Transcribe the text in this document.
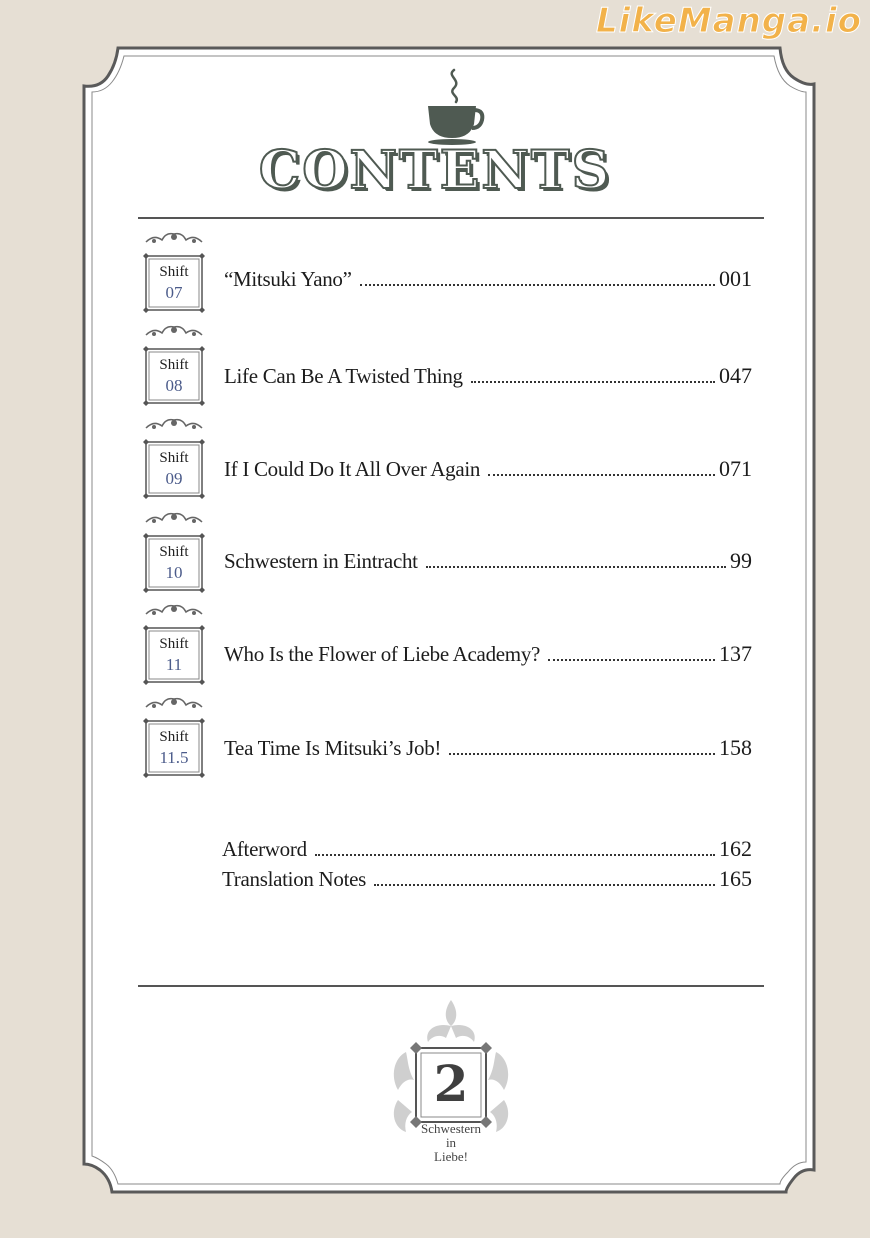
LikeManga.io
CONTENTS
Shift
07
“Mitsuki Yano”	001
Shift
08	Life Can Be A Twisted Thing	047
Shift
09	If I Could Do It All Over Again	071
Shift
10	Schwestern in Eintracht	99
Shift
11	Who Is the Flower of Liebe Academy?	137
Shift
11.5	Tea Time Is Mitsuki’s Job!	158
Afterword	162
Translation Notes	165
2
Schwestern
in
Liebe!
